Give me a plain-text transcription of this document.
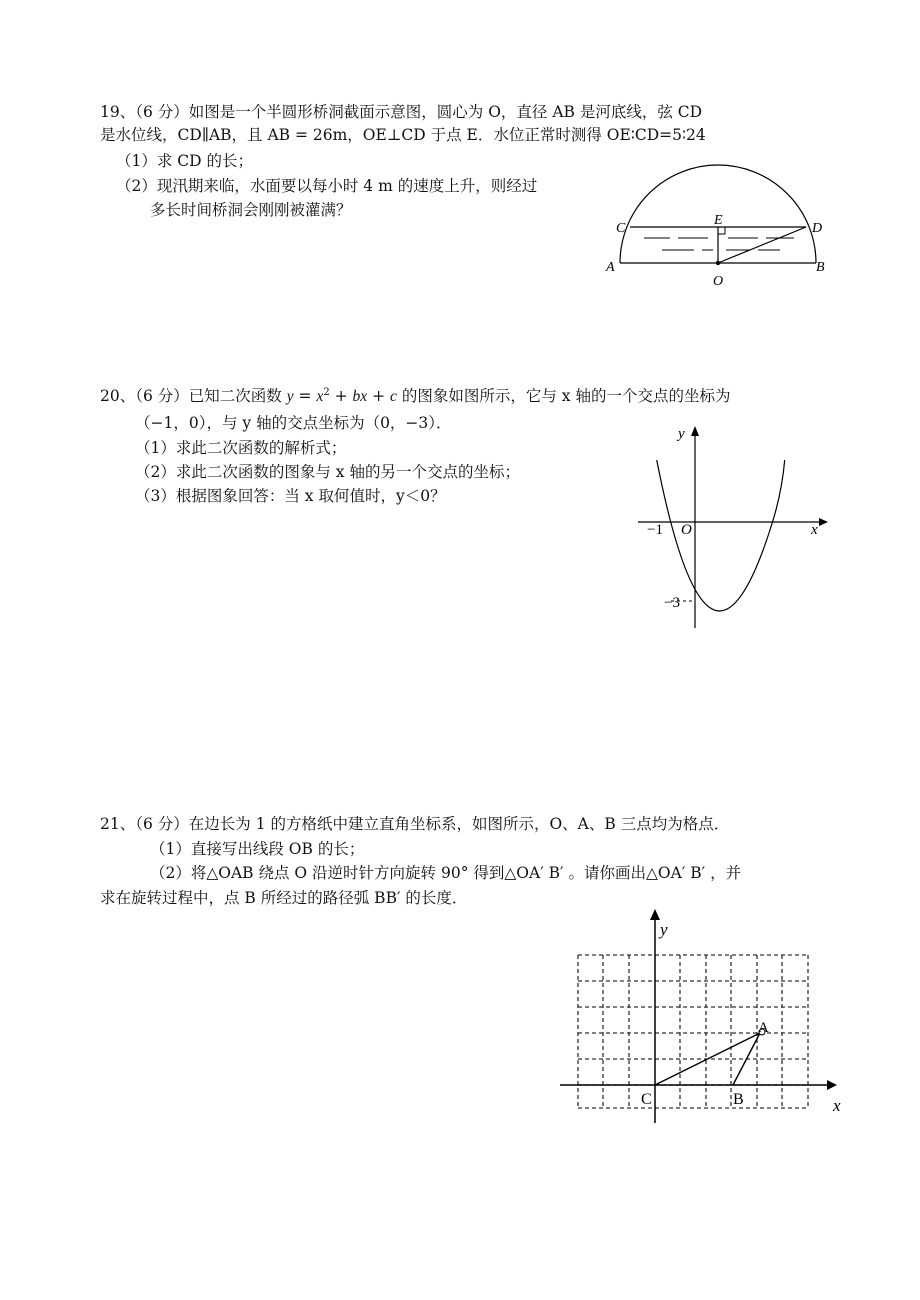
19、（6 分）如图是一个半圆形桥洞截面示意图，圆心为 O，直径 AB 是河底线，弦 CD
是水位线，CD∥AB，且 AB = 26m，OE⊥CD 于点 E．水位正常时测得 OE∶CD=5∶24
（1）求 CD 的长；
（2）现汛期来临，水面要以每小时 4 m 的速度上升，则经过
多长时间桥洞会刚刚被灌满？
C
E
D
A
O
B
20、（6 分）已知二次函数 $y = x^2$ + bx + c 的图象如图所示，它与 x 轴的一个交点的坐标为
（−1，0），与 y 轴的交点坐标为（0，−3）．
（1）求此二次函数的解析式；
（2）求此二次函数的图象与 x 轴的另一个交点的坐标；
（3）根据图象回答：当 x 取何值时，y＜0？
y
x
O
−1
−3
21、（6 分）在边长为 1 的方格纸中建立直角坐标系，如图所示，O、A、B 三点均为格点．
（1）直接写出线段 OB 的长；
（2）将△OAB 绕点 O 沿逆时针方向旋转 90° 得到△OA′ B′ 。请你画出△OA′ B′ ，并
求在旋转过程中，点 B 所经过的路径弧 BB′ 的长度．
y
x
C
A
B
